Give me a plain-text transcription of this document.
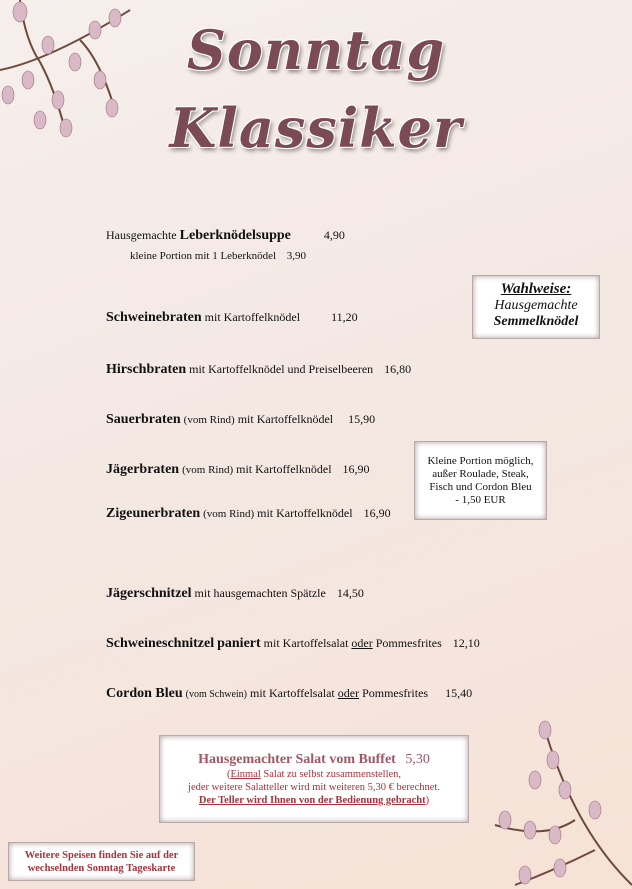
Sonntag
Klassiker
Hausgemachte Leberknödelsuppe	4,90
kleine Portion mit 1 Leberknödel 3,90
Schweinebraten mit Kartoffelknödel	11,20
Hirschbraten mit Kartoffelknödel und Preiselbeeren 16,80
Sauerbraten (vom Rind) mit Kartoffelknödel 15,90
Jägerbraten (vom Rind) mit Kartoffelknödel 16,90
Zigeunerbraten (vom Rind) mit Kartoffelknödel 16,90
Jägerschnitzel mit hausgemachten Spätzle 14,50
Schweineschnitzel paniert mit Kartoffelsalat oder Pommesfrites 12,10
Cordon Bleu (vom Schwein) mit Kartoffelsalat oder Pommesfrites 15,40
Wahlweise:
Hausgemachte
Semmelknödel
Kleine Portion möglich,
außer Roulade, Steak,
Fisch und Cordon Bleu
- 1,50 EUR
Hausgemachter Salat vom Buffet 5,30
(Einmal Salat zu selbst zusammenstellen,
jeder weitere Salatteller wird mit weiteren 5,30 € berechnet.
Der Teller wird Ihnen von der Bedienung gebracht)
Weitere Speisen finden Sie auf der
wechselnden Sonntag Tageskarte
